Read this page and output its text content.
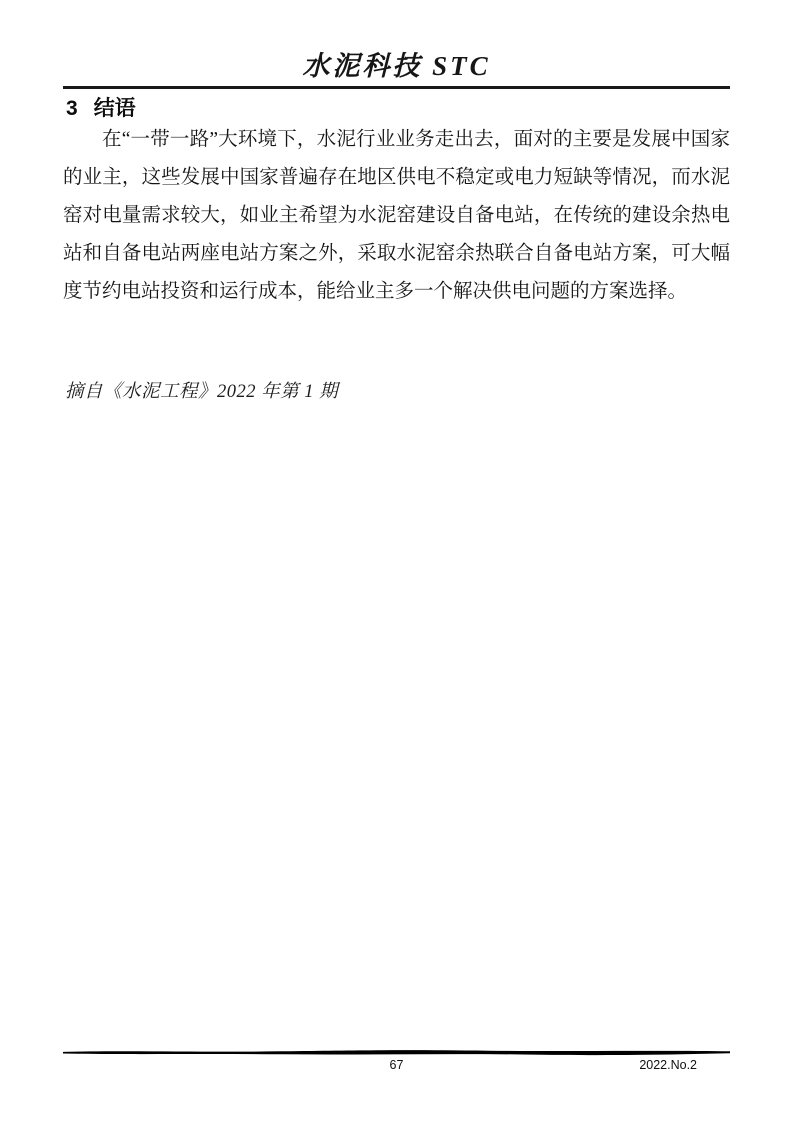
水泥科技 STC
3 结语

在“一带一路”大环境下，水泥行业业务走出去，面对的主要是发展中国家的业主，这些发展中国家普遍存在地区供电不稳定或电力短缺等情况，而水泥窑对电量需求较大，如业主希望为水泥窑建设自备电站，在传统的建设余热电站和自备电站两座电站方案之外，采取水泥窑余热联合自备电站方案，可大幅度节约电站投资和运行成本，能给业主多一个解决供电问题的方案选择。

摘自《水泥工程》2022 年第 1 期
67	2022.No.2
